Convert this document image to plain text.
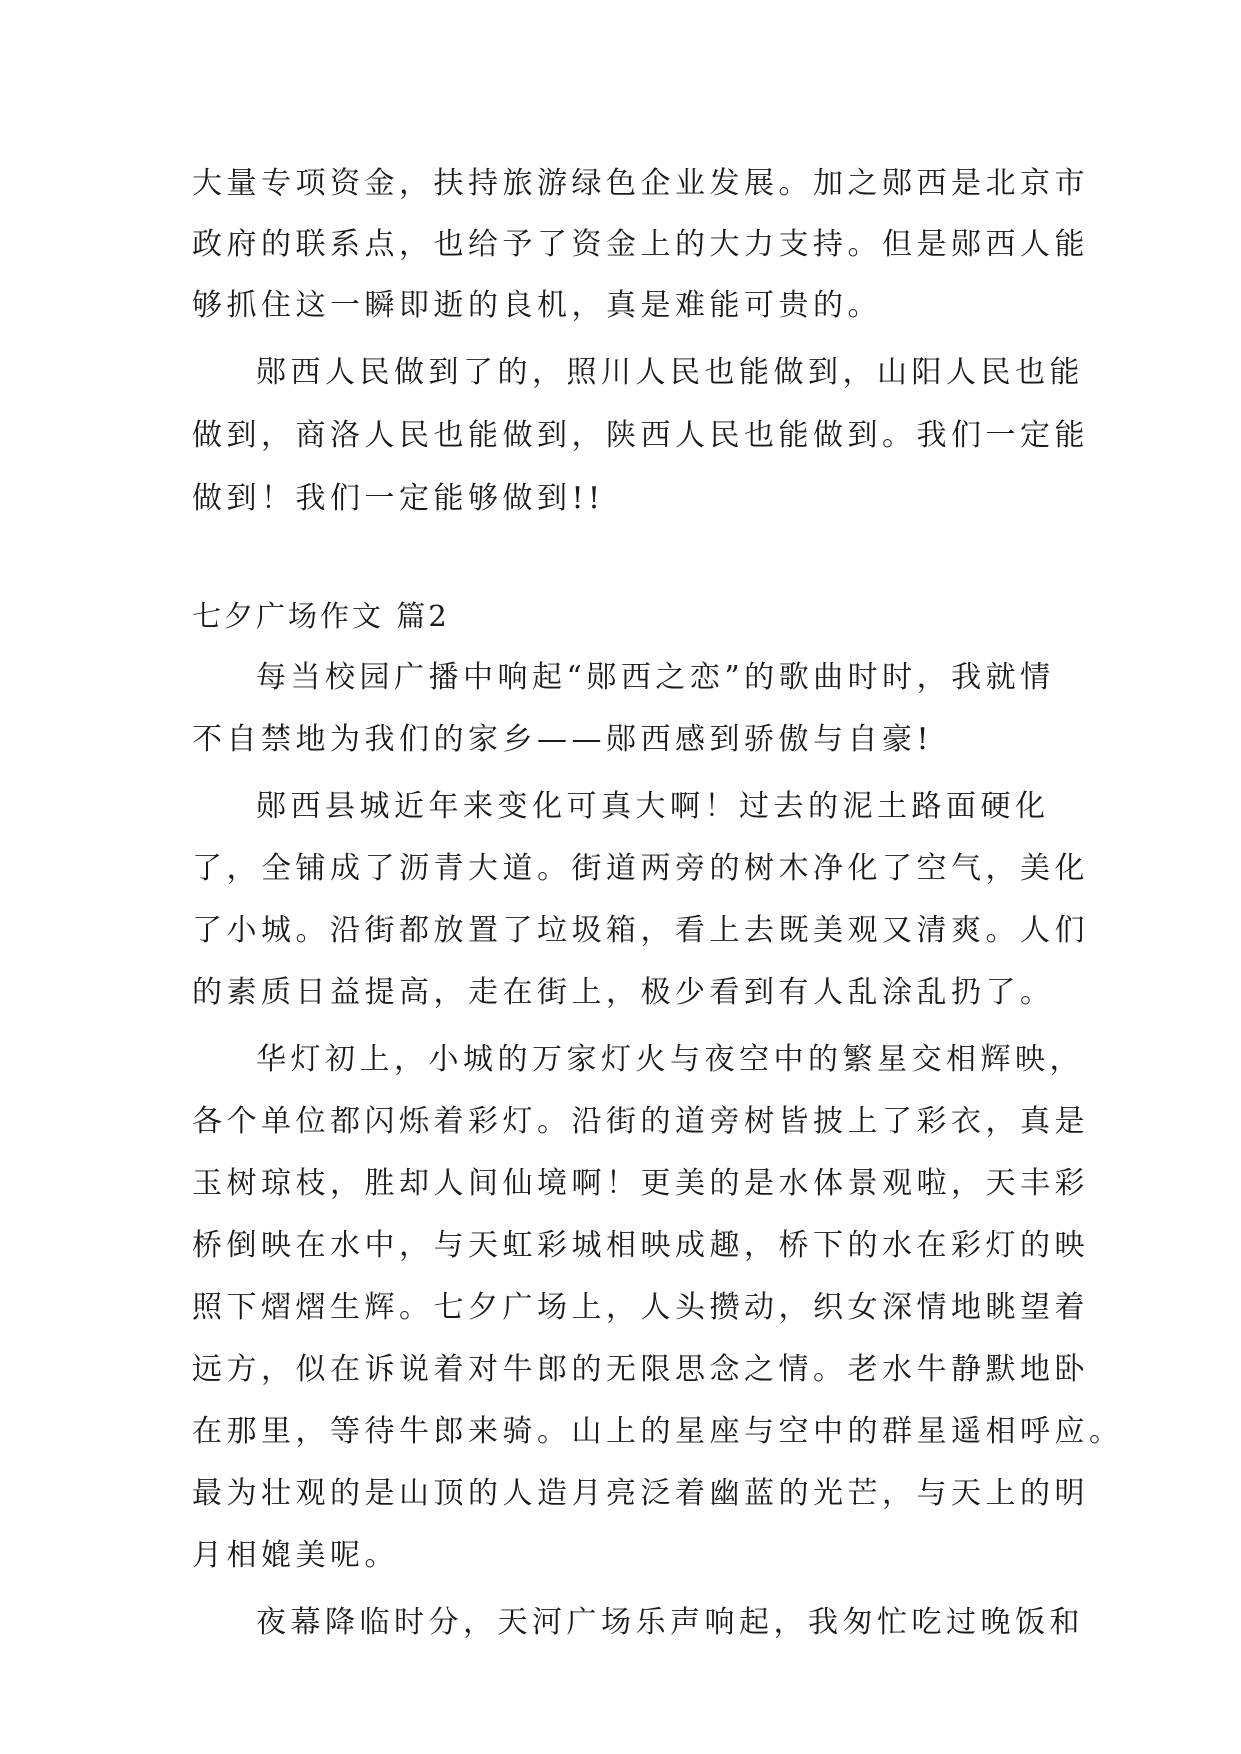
大量专项资金，扶持旅游绿色企业发展。加之郧西是北京市
政府的联系点，也给予了资金上的大力支持。但是郧西人能
够抓住这一瞬即逝的良机，真是难能可贵的。
郧西人民做到了的，照川人民也能做到，山阳人民也能
做到，商洛人民也能做到，陕西人民也能做到。我们一定能
做到！我们一定能够做到!!
七夕广场作文 篇2
每当校园广播中响起“郧西之恋”的歌曲时时，我就情
不自禁地为我们的家乡——郧西感到骄傲与自豪!
郧西县城近年来变化可真大啊！过去的泥土路面硬化
了，全铺成了沥青大道。街道两旁的树木净化了空气，美化
了小城。沿街都放置了垃圾箱，看上去既美观又清爽。人们
的素质日益提高，走在街上，极少看到有人乱涂乱扔了。
华灯初上，小城的万家灯火与夜空中的繁星交相辉映，
各个单位都闪烁着彩灯。沿街的道旁树皆披上了彩衣，真是
玉树琼枝，胜却人间仙境啊！更美的是水体景观啦，天丰彩
桥倒映在水中，与天虹彩城相映成趣，桥下的水在彩灯的映
照下熠熠生辉。七夕广场上，人头攒动，织女深情地眺望着
远方，似在诉说着对牛郎的无限思念之情。老水牛静默地卧
在那里，等待牛郎来骑。山上的星座与空中的群星遥相呼应。
最为壮观的是山顶的人造月亮泛着幽蓝的光芒，与天上的明
月相媲美呢。
夜幕降临时分，天河广场乐声响起，我匆忙吃过晚饭和
